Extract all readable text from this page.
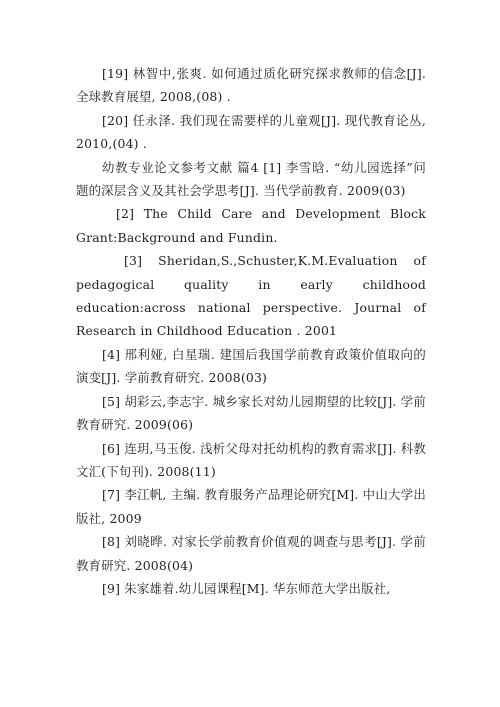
[19] 林智中,张爽. 如何通过质化研究探求教师的信念[J]. 全球教育展望, 2008,(08) .

[20] 任永泽. 我们现在需要样的儿童观[J]. 现代教育论丛, 2010,(04) .

幼教专业论文参考文献 篇4 [1] 李雪晗. “幼儿园选择”问题的深层含义及其社会学思考[J]. 当代学前教育. 2009(03)

[2] The Child Care and Development Block Grant:Background and Fundin.

[3] Sheridan,S.,Schuster,K.M.Evaluation of pedagogical quality in early childhood education:across national perspective. Journal of Research in Childhood Education . 2001

[4] 邢利娅, 白星瑞. 建国后我国学前教育政策价值取向的演变[J]. 学前教育研究. 2008(03)

[5] 胡彩云,李志宇. 城乡家长对幼儿园期望的比较[J]. 学前教育研究. 2009(06)

[6] 连玥,马玉俊. 浅析父母对托幼机构的教育需求[J]. 科教文汇(下旬刊). 2008(11)

[7] 李江帆, 主编. 教育服务产品理论研究[M]. 中山大学出版社, 2009

[8] 刘晓晔. 对家长学前教育价值观的调查与思考[J]. 学前教育研究. 2008(04)

[9] 朱家雄着.幼儿园课程[M]. 华东师范大学出版社,
